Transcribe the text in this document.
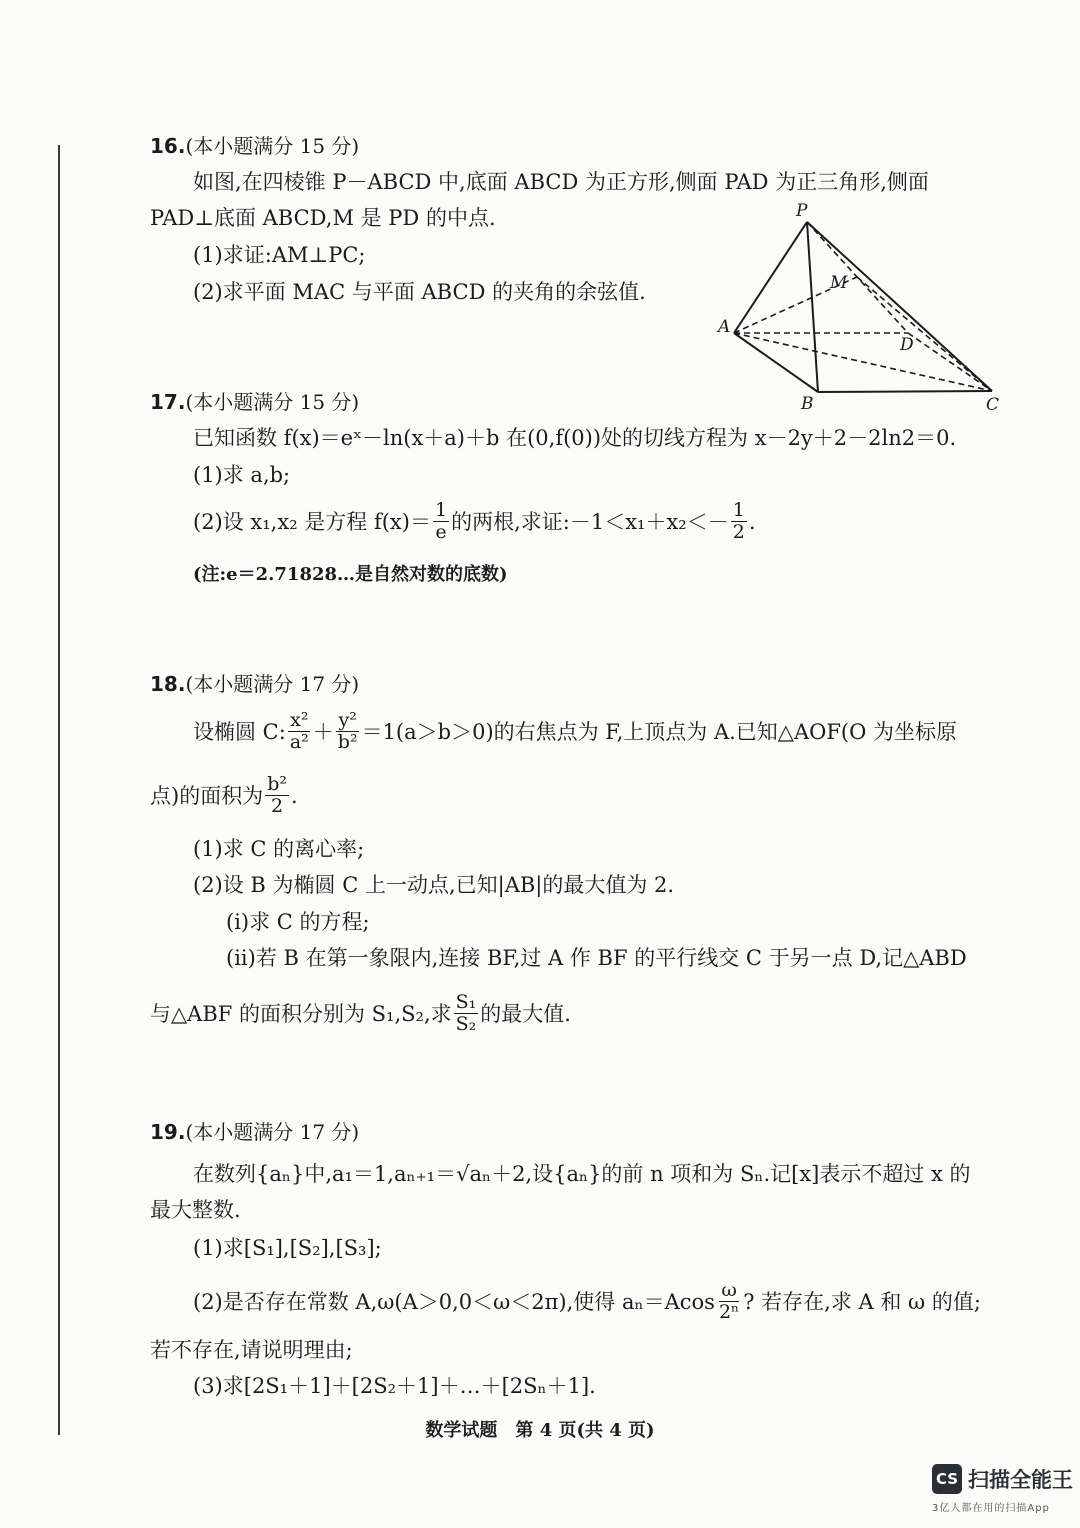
16.(本小题满分 15 分)
如图,在四棱锥 P－ABCD 中,底面 ABCD 为正方形,侧面 PAD 为正三角形,侧面
PAD⊥底面 ABCD,M 是 PD 的中点.
(1)求证:AM⊥PC;
(2)求平面 MAC 与平面 ABCD 的夹角的余弦值.
P
M
A
D
B	C
17.(本小题满分 15 分)
已知函数 f(x)＝eˣ－ln(x＋a)＋b 在(0,f(0))处的切线方程为 x－2y＋2－2ln2＝0.
(1)求 a,b;
(2)设 x₁,x₂ 是方程 $f(x)= \frac{1}{e}$ 的两根,求证:－1＜x₁＋x₂＜－ $\frac{1}{2}$ .
(注:e＝2.71828…是自然对数的底数)
18.(本小题满分 17 分)
设椭圆 C: $\frac{\text{x²}}{\text{a²}} + \frac{\text{y²}}{\text{b²}} =1(a>b>0)$的右焦点为 F,上顶点为 A.已知△AOF(O 为坐标原
点)的面积为 $\frac{\text{b²}}{2}$ .
(1)求 C 的离心率;
(2)设 B 为椭圆 C 上一动点,已知|AB|的最大值为 2.
(i)求 C 的方程;
(ii)若 B 在第一象限内,连接 BF,过 A 作 BF 的平行线交 C 于另一点 D,记△ABD
与△ABF 的面积分别为 S₁,S₂,求 $\frac{\text{S₁}}{\text{S₂}}$ 的最大值.
19.(本小题满分 17 分)
在数列{aₙ}中,a₁＝1,aₙ₊₁＝√aₙ＋2,设{aₙ}的前 n 项和为 Sₙ.记[x]表示不超过 x 的
最大整数.
(1)求[S₁],[S₂],[S₃];
(2)是否存在常数 A,ω(A＞0,0＜ω＜2π),使得 $a_n=Acos \frac{\omega}{\text{2ⁿ}}$ ? 若存在,求 A 和 ω 的值;
若不存在,请说明理由;
(3)求[2S₁＋1]＋[2S₂＋1]＋…＋[2Sₙ＋1].
数学试题　第 4 页(共 4 页)
CS 扫描全能王
3亿人都在用的扫描App
